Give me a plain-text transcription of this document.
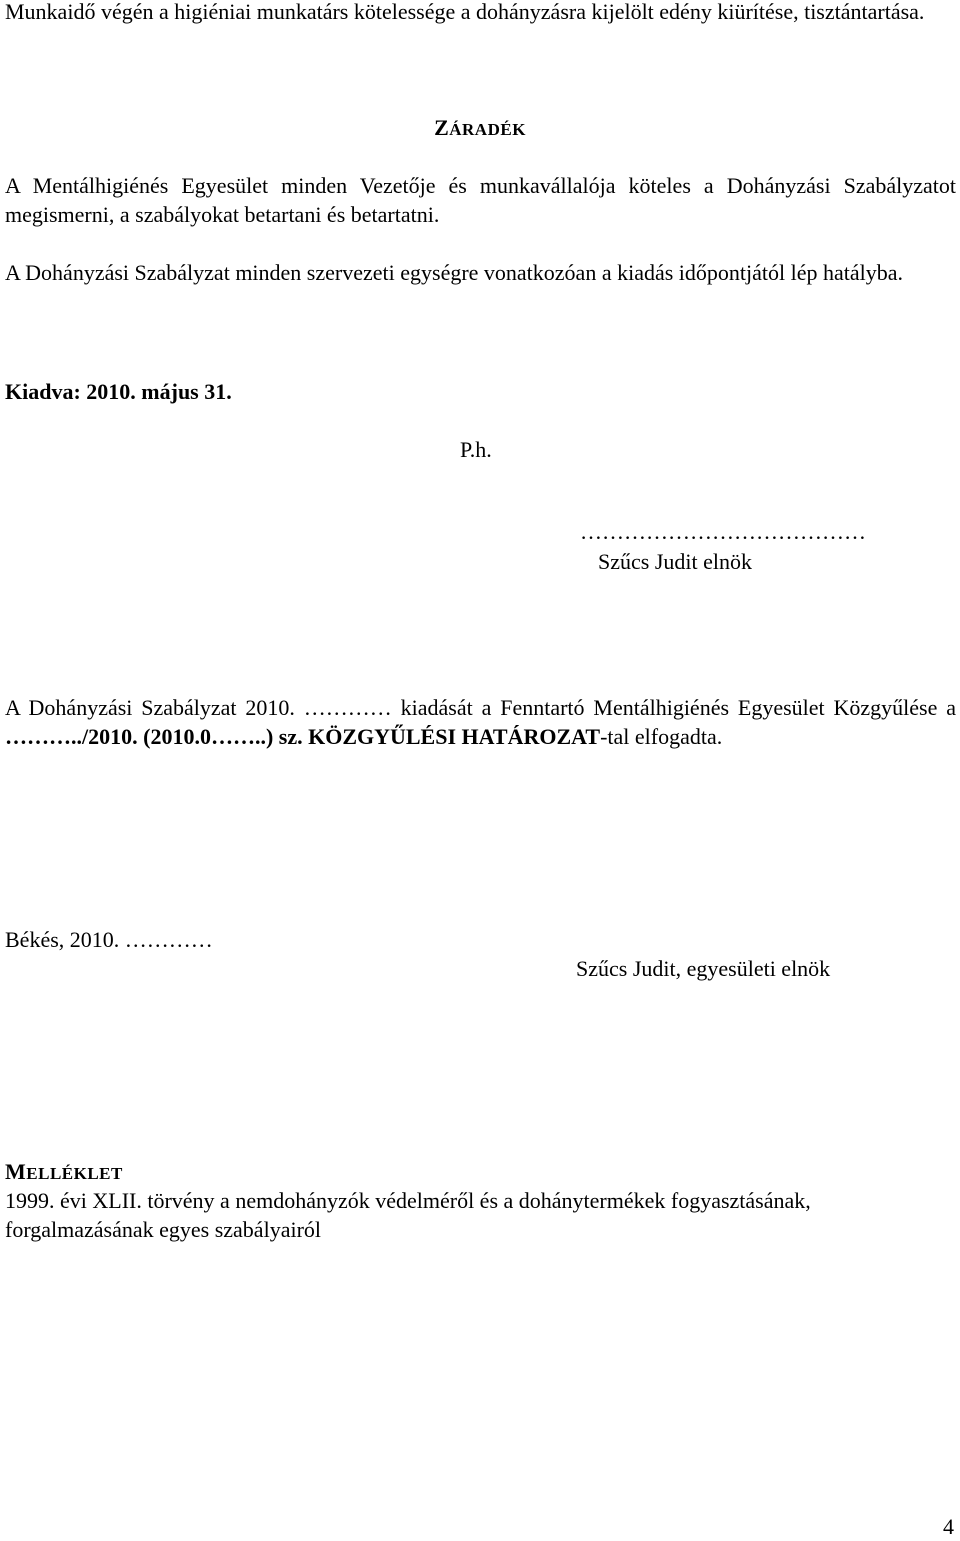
Munkaidő végén a higiéniai munkatárs kötelessége a dohányzásra kijelölt edény kiürítése, tisztántartása.

ZÁRADÉK

A Mentálhigiénés Egyesület minden Vezetője és munkavállalója köteles a Dohányzási Szabályzatot megismerni, a szabályokat betartani és betartatni.

A Dohányzási Szabályzat minden szervezeti egységre vonatkozóan a kiadás időpontjától lép hatályba.

Kiadva: 2010. május 31.

P.h.

…………………………………

Szűcs Judit elnök

A Dohányzási Szabályzat 2010. ………… kiadását a Fenntartó Mentálhigiénés Egyesület Közgyűlése a ………../2010. (2010.0……..) sz. KÖZGYŰLÉSI HATÁROZAT-tal elfogadta.

Békés, 2010. …………

Szűcs Judit, egyesületi elnök

MELLÉKLET

1999. évi XLII. törvény a nemdohányzók védelméről és a dohánytermékek fogyasztásának, forgalmazásának egyes szabályairól

4
